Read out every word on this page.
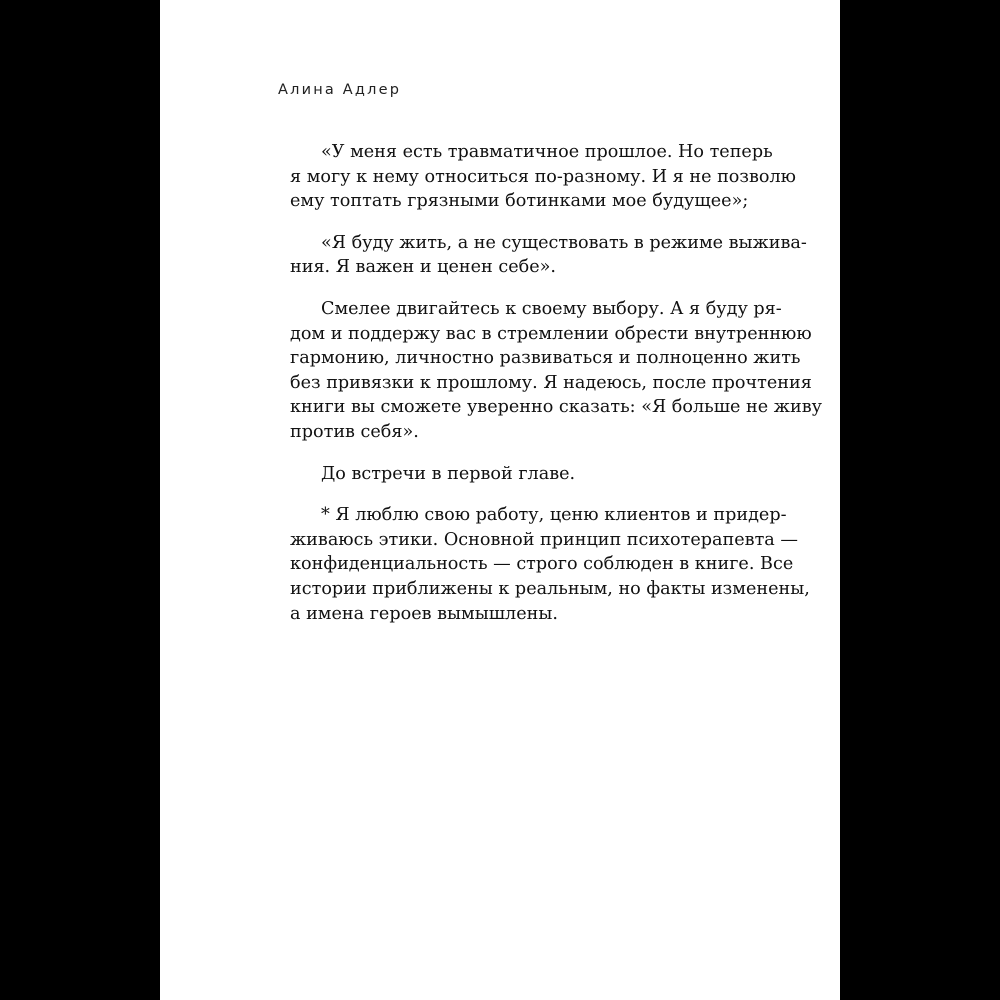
Алина Адлер
«У меня есть травматичное прошлое. Но теперь
я могу к нему относиться по-разному. И я не позволю
ему топтать грязными ботинками мое будущее»;
«Я буду жить, а не существовать в режиме выжива-
ния. Я важен и ценен себе».
Смелее двигайтесь к своему выбору. А я буду ря-
дом и поддержу вас в стремлении обрести внутреннюю
гармонию, личностно развиваться и полноценно жить
без привязки к прошлому. Я надеюсь, после прочтения
книги вы сможете уверенно сказать: «Я больше не живу
против себя».
До встречи в первой главе.
* Я люблю свою работу, ценю клиентов и придер-
живаюсь этики. Основной принцип психотерапевта —
конфиденциальность — строго соблюден в книге. Все
истории приближены к реальным, но факты изменены,
а имена героев вымышлены.
